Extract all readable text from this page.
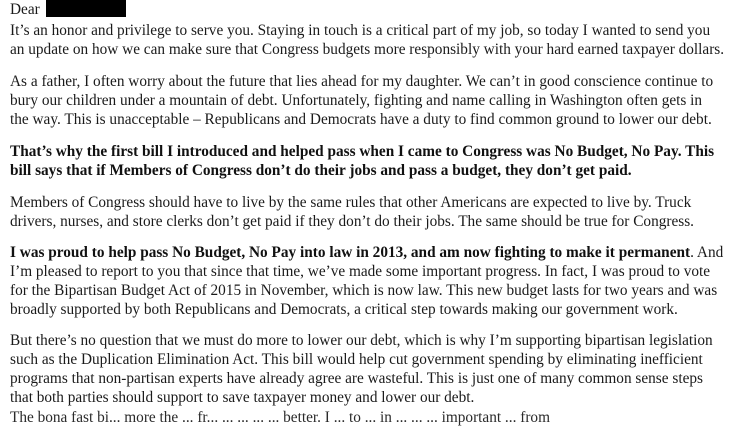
Dear
It’s an honor and privilege to serve you. Staying in touch is a critical part of my job, so today I wanted to send you
an update on how we can make sure that Congress budgets more responsibly with your hard earned taxpayer dollars.
As a father, I often worry about the future that lies ahead for my daughter. We can’t in good conscience continue to
bury our children under a mountain of debt. Unfortunately, fighting and name calling in Washington often gets in
the way. This is unacceptable – Republicans and Democrats have a duty to find common ground to lower our debt.
That’s why the first bill I introduced and helped pass when I came to Congress was No Budget, No Pay. This
bill says that if Members of Congress don’t do their jobs and pass a budget, they don’t get paid.
Members of Congress should have to live by the same rules that other Americans are expected to live by. Truck
drivers, nurses, and store clerks don’t get paid if they don’t do their jobs. The same should be true for Congress.
I was proud to help pass No Budget, No Pay into law in 2013, and am now fighting to make it permanent. And
I’m pleased to report to you that since that time, we’ve made some important progress. In fact, I was proud to vote
for the Bipartisan Budget Act of 2015 in November, which is now law. This new budget lasts for two years and was
broadly supported by both Republicans and Democrats, a critical step towards making our government work.
But there’s no question that we must do more to lower our debt, which is why I’m supporting bipartisan legislation
such as the Duplication Elimination Act. This bill would help cut government spending by eliminating inefficient
programs that non-partisan experts have already agree are wasteful. This is just one of many common sense steps
that both parties should support to save taxpayer money and lower our debt.
The bona fast bi... more the ... fr... ... ... ... ... better. I ... to ... in ... ... ... important ... from
